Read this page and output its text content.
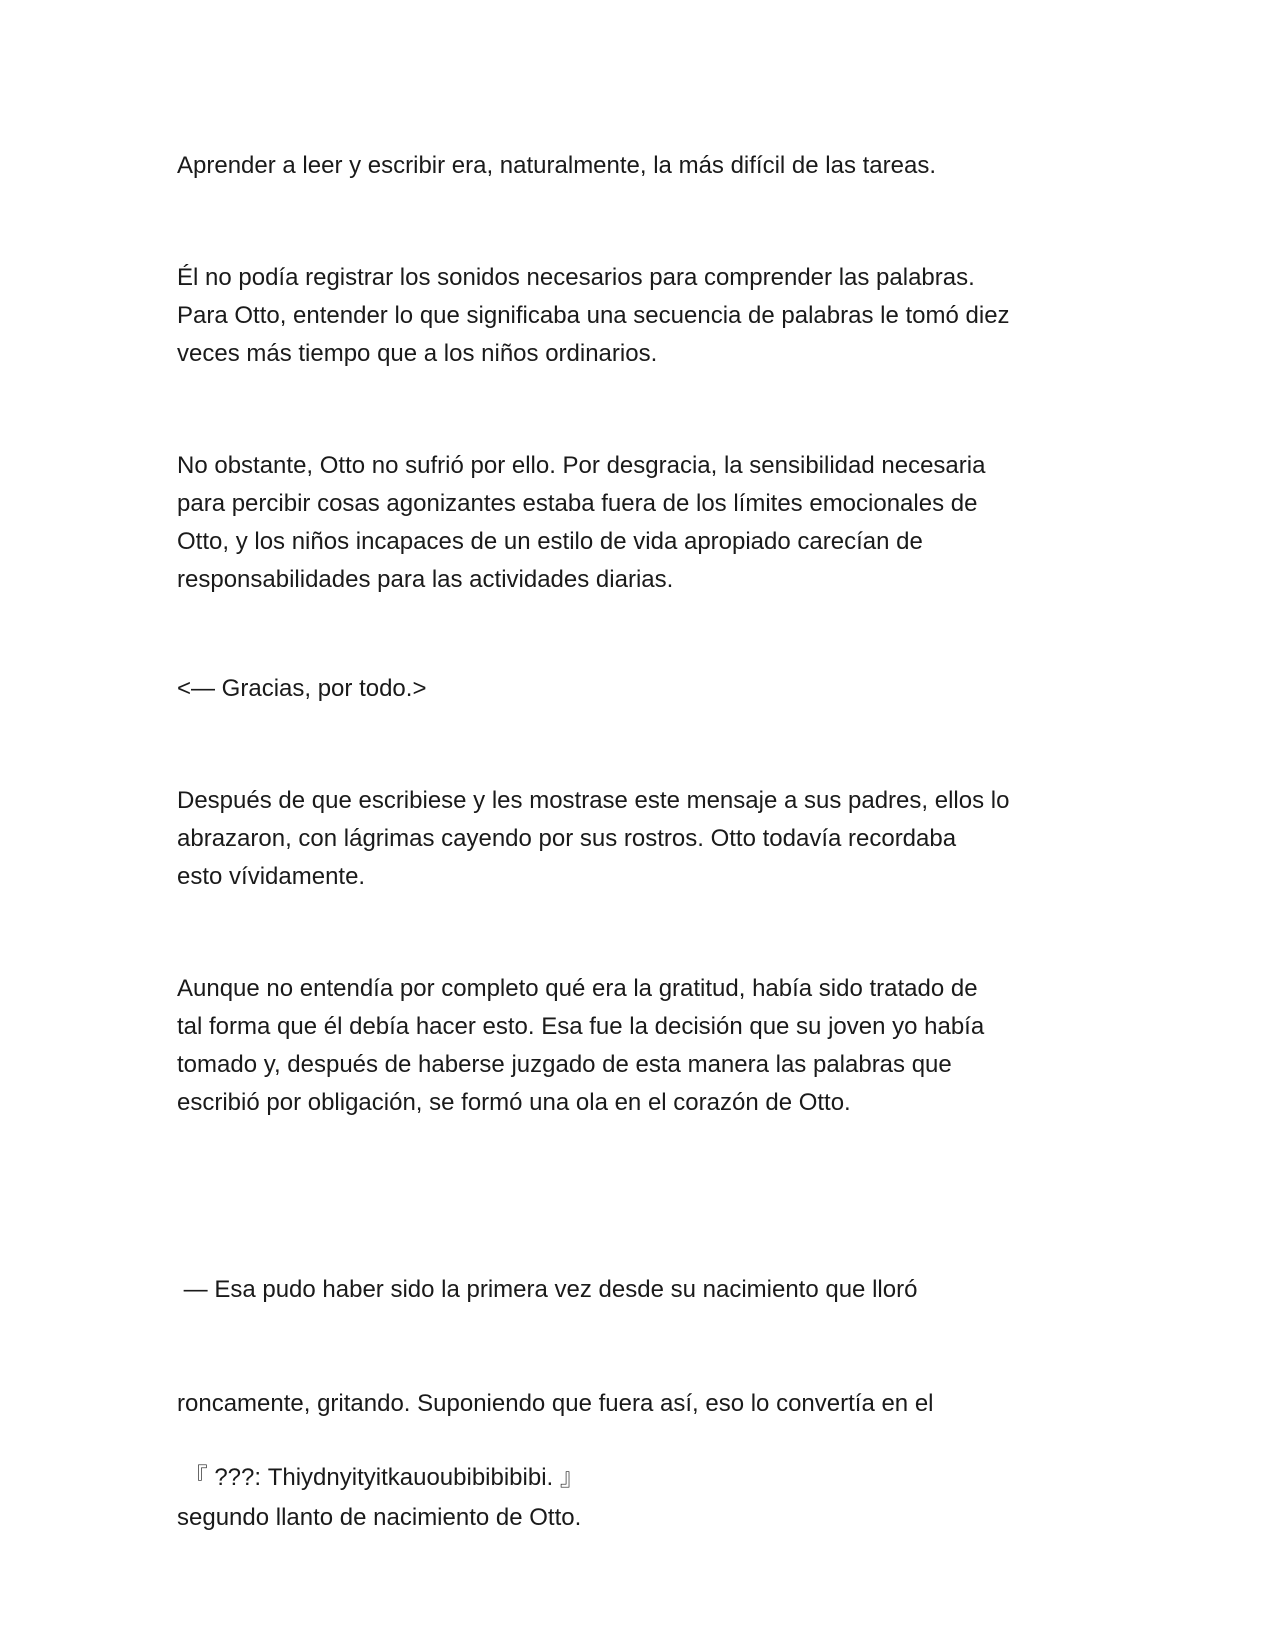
Aprender a leer y escribir era, naturalmente, la más difícil de las tareas.

Él no podía registrar los sonidos necesarios para comprender las palabras.
Para Otto, entender lo que significaba una secuencia de palabras le tomó diez
veces más tiempo que a los niños ordinarios.

No obstante, Otto no sufrió por ello. Por desgracia, la sensibilidad necesaria
para percibir cosas agonizantes estaba fuera de los límites emocionales de
Otto, y los niños incapaces de un estilo de vida apropiado carecían de
responsabilidades para las actividades diarias.

<— Gracias, por todo.>

Después de que escribiese y les mostrase este mensaje a sus padres, ellos lo
abrazaron, con lágrimas cayendo por sus rostros. Otto todavía recordaba
esto vívidamente.

Aunque no entendía por completo qué era la gratitud, había sido tratado de
tal forma que él debía hacer esto. Esa fue la decisión que su joven yo había
tomado y, después de haberse juzgado de esta manera las palabras que
escribió por obligación, se formó una ola en el corazón de Otto.

— Esa pudo haber sido la primera vez desde su nacimiento que lloró

roncamente, gritando. Suponiendo que fuera así, eso lo convertía en el

segundo llanto de nacimiento de Otto.

『 ???: Thiydnyityitkauoubibibibibi. 』
